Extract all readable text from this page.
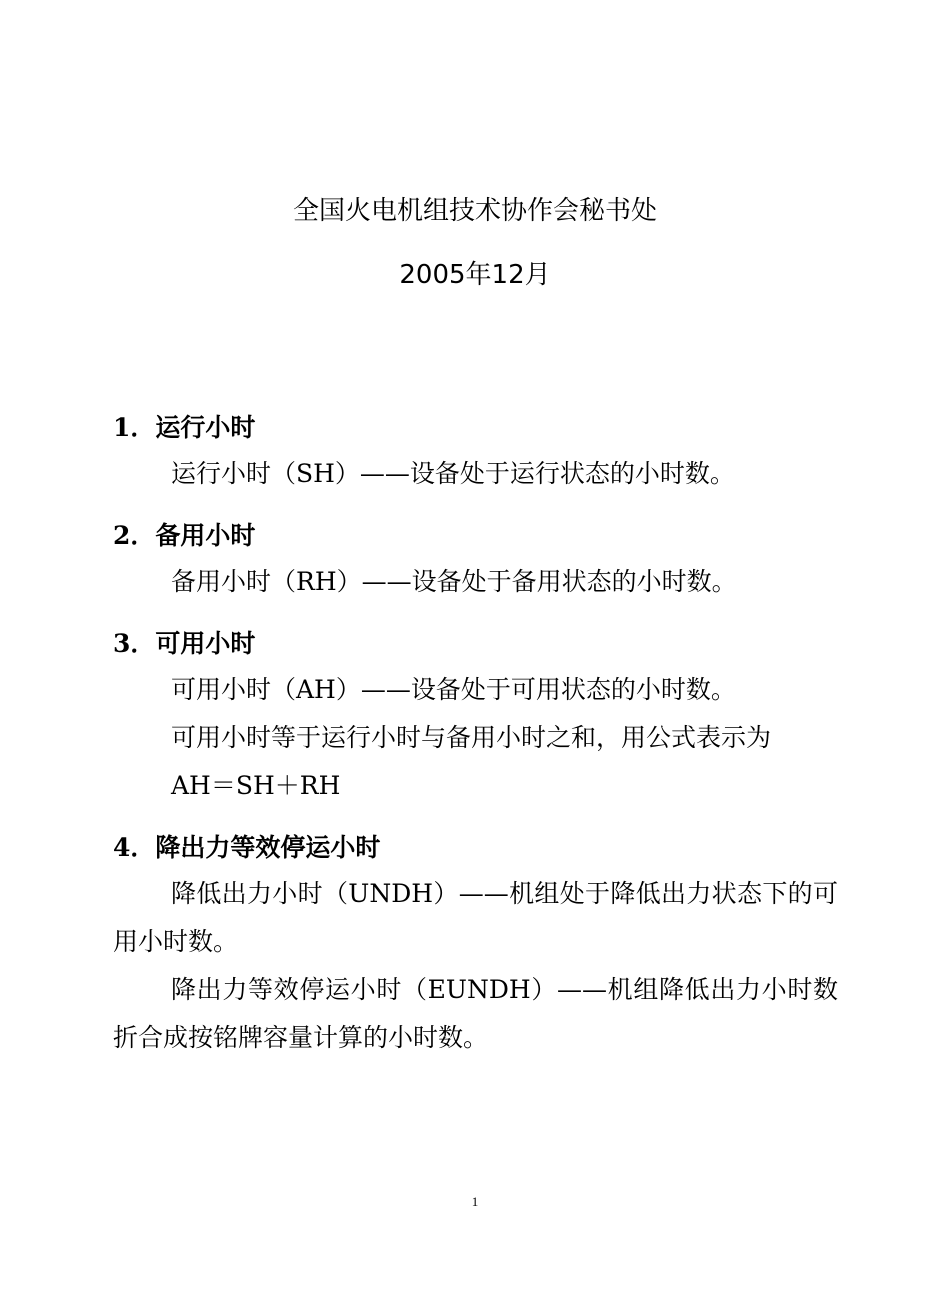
全国火电机组技术协作会秘书处
2005年12月
1．运行小时
运行小时（SH）——设备处于运行状态的小时数。
2．备用小时
备用小时（RH）——设备处于备用状态的小时数。
3．可用小时
可用小时（AH）——设备处于可用状态的小时数。
可用小时等于运行小时与备用小时之和，用公式表示为
AH＝SH＋RH
4．降出力等效停运小时
降低出力小时（UNDH）——机组处于降低出力状态下的可用小时数。
降出力等效停运小时（EUNDH）——机组降低出力小时数折合成按铭牌容量计算的小时数。
1
